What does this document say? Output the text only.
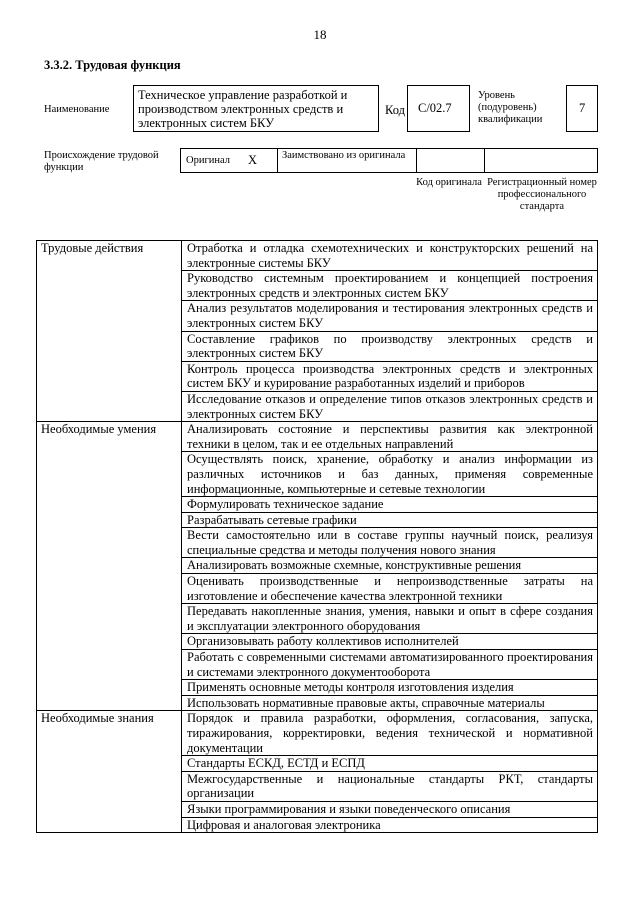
18
3.3.2. Трудовая функция
Наименование
Техническое управление разработкой и производством электронных средств и электронных систем БКУ
Код	С/02.7
Уровень (подуровень) квалификации
7
Происхождение трудовой функции
Оригинал X Заимствовано из оригинала
Код оригинала Регистрационный номер профессионального стандарта
Трудовые действия	Отработка и отладка схемотехнических и конструкторских решений на электронные системы БКУ
	Руководство системным проектированием и концепцией построения электронных средств и электронных систем БКУ
	Анализ результатов моделирования и тестирования электронных средств и электронных систем БКУ
	Составление графиков по производству электронных средств и электронных систем БКУ
	Контроль процесса производства электронных средств и электронных систем БКУ и курирование разработанных изделий и приборов
	Исследование отказов и определение типов отказов электронных средств и электронных систем БКУ
Необходимые умения	Анализировать состояние и перспективы развития как электронной техники в целом, так и ее отдельных направлений
	Осуществлять поиск, хранение, обработку и анализ информации из различных источников и баз данных, применяя современные информационные, компьютерные и сетевые технологии
	Формулировать техническое задание
	Разрабатывать сетевые графики
	Вести самостоятельно или в составе группы научный поиск, реализуя специальные средства и методы получения нового знания
	Анализировать возможные схемные, конструктивные решения
	Оценивать производственные и непроизводственные затраты на изготовление и обеспечение качества электронной техники
	Передавать накопленные знания, умения, навыки и опыт в сфере создания и эксплуатации электронного оборудования
	Организовывать работу коллективов исполнителей
	Работать с современными системами автоматизированного проектирования и системами электронного документооборота
	Применять основные методы контроля изготовления изделия
	Использовать нормативные правовые акты, справочные материалы
Необходимые знания	Порядок и правила разработки, оформления, согласования, запуска, тиражирования, корректировки, ведения технической и нормативной документации
	Стандарты ЕСКД, ЕСТД и ЕСПД
	Межгосударственные и национальные стандарты РКТ, стандарты организации
	Языки программирования и языки поведенческого описания
	Цифровая и аналоговая электроника
